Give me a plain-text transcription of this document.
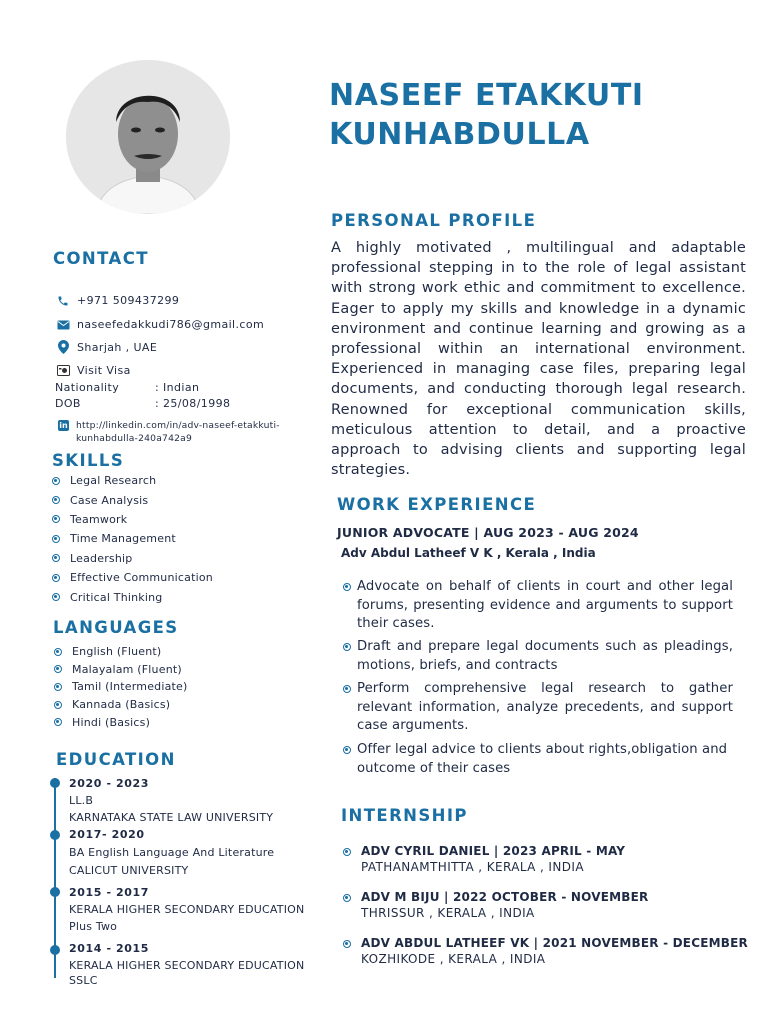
NASEEF ETAKKUTI
KUNHABDULLA
CONTACT
+971 509437299
naseefedakkudi786@gmail.com
Sharjah , UAE
Visit Visa
Nationality	: Indian
DOB	: 25/08/1998
in http://linkedin.com/in/adv-naseef-etakkuti-
kunhabdulla-240a742a9
SKILLS
Legal Research
Case Analysis
Teamwork
Time Management
Leadership
Effective Communication
Critical Thinking
LANGUAGES
English (Fluent)
Malayalam (Fluent)
Tamil (Intermediate)
Kannada (Basics)
Hindi (Basics)
EDUCATION
2020 - 2023
LL.B
KARNATAKA STATE LAW UNIVERSITY
2017- 2020
BA English Language And Literature
CALICUT UNIVERSITY
2015 - 2017
KERALA HIGHER SECONDARY EDUCATION
Plus Two
2014 - 2015
KERALA HIGHER SECONDARY EDUCATION
SSLC
PERSONAL PROFILE
A highly motivated , multilingual and adaptable professional stepping in to the role of legal assistant with strong work ethic and commitment to excellence. Eager to apply my skills and knowledge in a dynamic environment and continue learning and growing as a professional within an international environment. Experienced in managing case files, preparing legal documents, and conducting thorough legal research. Renowned for exceptional communication skills, meticulous attention to detail, and a proactive approach to advising clients and supporting legal strategies.
WORK EXPERIENCE
JUNIOR ADVOCATE | AUG 2023 - AUG 2024
Adv Abdul Latheef V K , Kerala , India
Advocate on behalf of clients in court and other legal forums, presenting evidence and arguments to support their cases.
Draft and prepare legal documents such as pleadings, motions, briefs, and contracts
Perform comprehensive legal research to gather relevant information, analyze precedents, and support case arguments.
Offer legal advice to clients about rights,obligation and outcome of their cases
INTERNSHIP
ADV CYRIL DANIEL | 2023 APRIL - MAY
PATHANAMTHITTA , KERALA , INDIA
ADV M BIJU | 2022 OCTOBER - NOVEMBER
THRISSUR , KERALA , INDIA
ADV ABDUL LATHEEF VK | 2021 NOVEMBER - DECEMBER
KOZHIKODE , KERALA , INDIA
